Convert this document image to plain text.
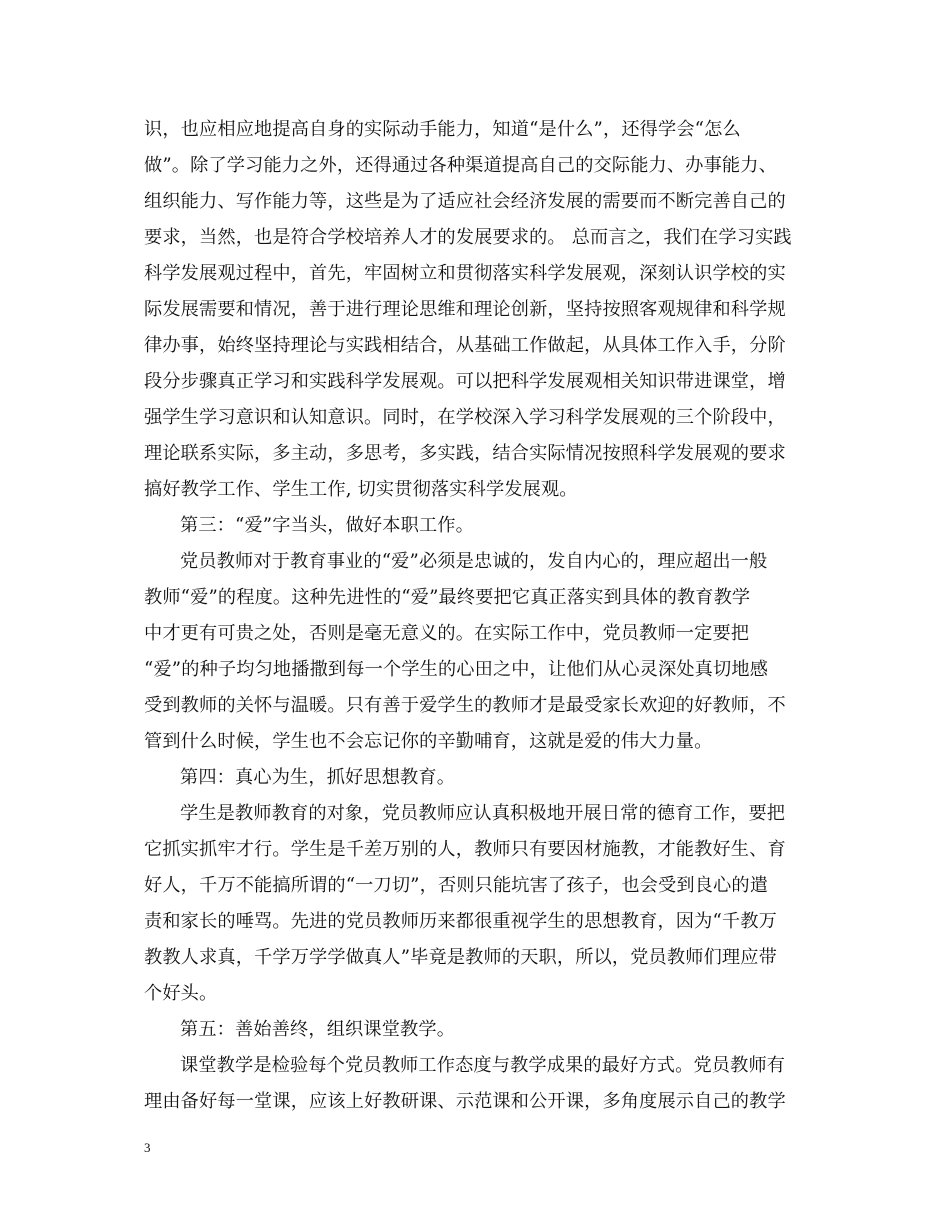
识，也应相应地提高自身的实际动手能力，知道“是什么”，还得学会“怎么
做”。除了学习能力之外，还得通过各种渠道提高自己的交际能力、办事能力、
组织能力、写作能力等，这些是为了适应社会经济发展的需要而不断完善自己的
要求，当然，也是符合学校培养人才的发展要求的。 总而言之，我们在学习实践
科学发展观过程中，首先，牢固树立和贯彻落实科学发展观，深刻认识学校的实
际发展需要和情况，善于进行理论思维和理论创新，坚持按照客观规律和科学规
律办事，始终坚持理论与实践相结合，从基础工作做起，从具体工作入手，分阶
段分步骤真正学习和实践科学发展观。可以把科学发展观相关知识带进课堂，增
强学生学习意识和认知意识。同时，在学校深入学习科学发展观的三个阶段中，
理论联系实际，多主动，多思考，多实践，结合实际情况按照科学发展观的要求
搞好教学工作、学生工作, 切实贯彻落实科学发展观。
第三：“爱”字当头，做好本职工作。
党员教师对于教育事业的“爱”必须是忠诚的，发自内心的，理应超出一般
教师“爱”的程度。这种先进性的“爱”最终要把它真正落实到具体的教育教学
中才更有可贵之处，否则是毫无意义的。在实际工作中，党员教师一定要把
“爱”的种子均匀地播撒到每一个学生的心田之中，让他们从心灵深处真切地感
受到教师的关怀与温暖。只有善于爱学生的教师才是最受家长欢迎的好教师，不
管到什么时候，学生也不会忘记你的辛勤哺育，这就是爱的伟大力量。
第四：真心为生，抓好思想教育。
学生是教师教育的对象，党员教师应认真积极地开展日常的德育工作，要把
它抓实抓牢才行。学生是千差万别的人，教师只有要因材施教，才能教好生、育
好人，千万不能搞所谓的“一刀切”，否则只能坑害了孩子，也会受到良心的遣
责和家长的唾骂。先进的党员教师历来都很重视学生的思想教育，因为“千教万
教教人求真，千学万学学做真人”毕竟是教师的天职，所以，党员教师们理应带
个好头。
第五：善始善终，组织课堂教学。
课堂教学是检验每个党员教师工作态度与教学成果的最好方式。党员教师有
理由备好每一堂课，应该上好教研课、示范课和公开课，多角度展示自己的教学
3
